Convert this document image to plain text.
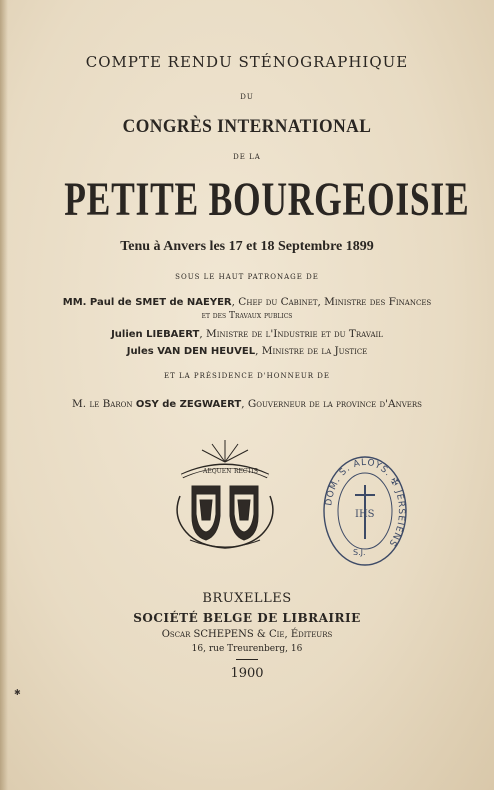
COMPTE RENDU STÉNOGRAPHIQUE
DU
CONGRÈS INTERNATIONAL
DE LA
PETITE BOURGEOISIE
Tenu à Anvers les 17 et 18 Septembre 1899
SOUS LE HAUT PATRONAGE DE
MM. Paul de SMET de NAEYER, Chef du Cabinet, Ministre des Finances
et des Travaux publics
Julien LIEBAERT, Ministre de l'Industrie et du Travail
Jules VAN DEN HEUVEL, Ministre de la Justice
ET LA PRÉSIDENCE D'HONNEUR DE
M. le Baron OSY de ZEGWAERT, Gouverneur de la province d'Anvers
AEQUEN RECTIS
DOM. S. ALOYS. ✠ JERSEIENS
IHS
S.J.
BRUXELLES
SOCIÉTÉ BELGE DE LIBRAIRIE
Oscar SCHEPENS & Cie, Éditeurs
16, rue Treurenberg, 16
1900
✱
